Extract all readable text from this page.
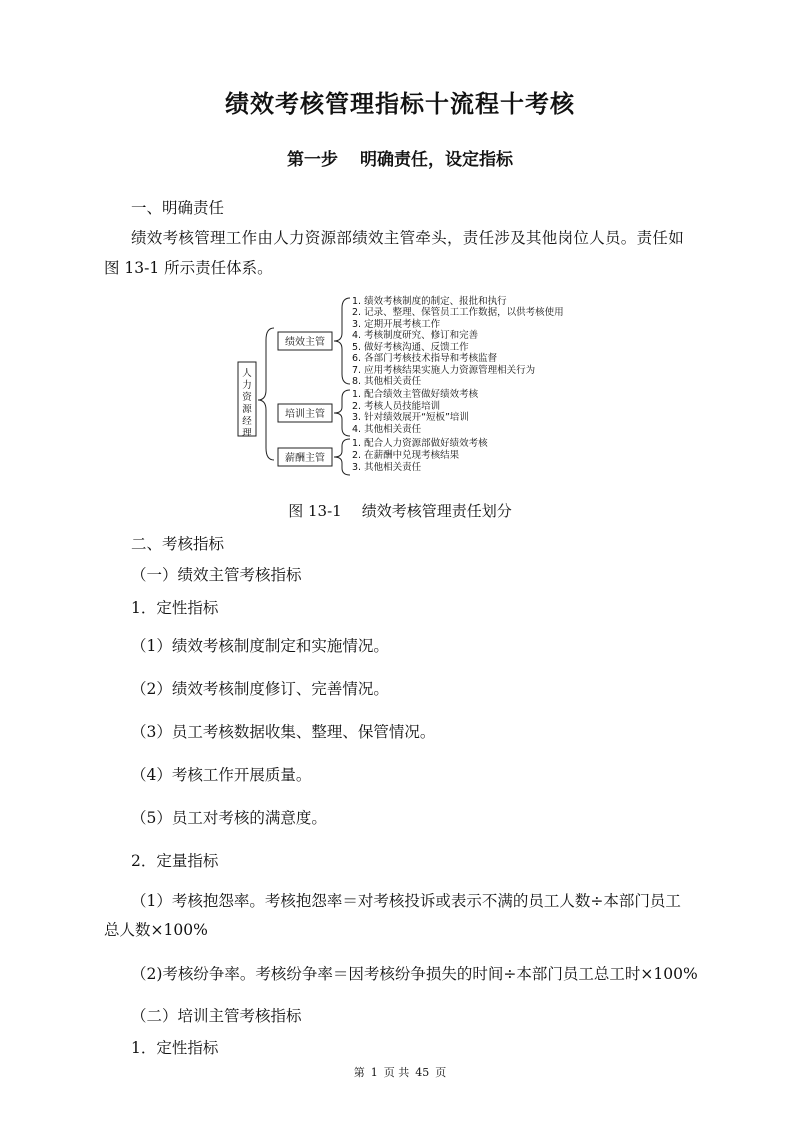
绩效考核管理指标十流程十考核
第一步 明确责任，设定指标
一、明确责任
绩效考核管理工作由人力资源部绩效主管牵头，责任涉及其他岗位人员。责任如
图 13-1 所示责任体系。
人
力
资
源
经
理
绩效主管
培训主管
薪酬主管
1. 绩效考核制度的制定、报批和执行
2. 记录、整理、保管员工工作数据，以供考核使用
3. 定期开展考核工作
4. 考核制度研究、修订和完善
5. 做好考核沟通、反馈工作
6. 各部门考核技术指导和考核监督
7. 应用考核结果实施人力资源管理相关行为
8. 其他相关责任
1. 配合绩效主管做好绩效考核
2. 考核人员技能培训
3. 针对绩效展开“短板”培训
4. 其他相关责任
1. 配合人力资源部做好绩效考核
2. 在薪酬中兑现考核结果
3. 其他相关责任
图 13-1 绩效考核管理责任划分
二、考核指标
（一）绩效主管考核指标
1．定性指标
（1）绩效考核制度制定和实施情况。
（2）绩效考核制度修订、完善情况。
（3）员工考核数据收集、整理、保管情况。
（4）考核工作开展质量。
（5）员工对考核的满意度。
2．定量指标
（1）考核抱怨率。考核抱怨率＝对考核投诉或表示不满的员工人数÷本部门员工
总人数×100%
（2)考核纷争率。考核纷争率＝因考核纷争损失的时间÷本部门员工总工时×100%
（二）培训主管考核指标
1．定性指标
第 1 页 共 45 页
